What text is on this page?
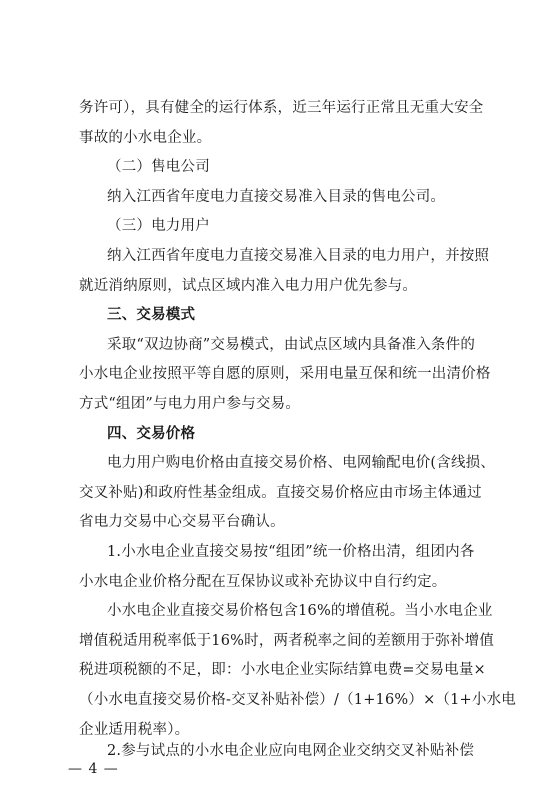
务许可），具有健全的运行体系，近三年运行正常且无重大安全
事故的小水电企业。
（二）售电公司
纳入江西省年度电力直接交易准入目录的售电公司。
（三）电力用户
纳入江西省年度电力直接交易准入目录的电力用户，并按照
就近消纳原则，试点区域内准入电力用户优先参与。
三、交易模式
采取“双边协商”交易模式，由试点区域内具备准入条件的
小水电企业按照平等自愿的原则，采用电量互保和统一出清价格
方式“组团”与电力用户参与交易。
四、交易价格
电力用户购电价格由直接交易价格、电网输配电价(含线损、
交叉补贴)和政府性基金组成。直接交易价格应由市场主体通过
省电力交易中心交易平台确认。
1.小水电企业直接交易按“组团”统一价格出清，组团内各
小水电企业价格分配在互保协议或补充协议中自行约定。
小水电企业直接交易价格包含16%的增值税。当小水电企业
增值税适用税率低于16%时，两者税率之间的差额用于弥补增值
税进项税额的不足，即：小水电企业实际结算电费=交易电量×
（小水电直接交易价格-交叉补贴补偿）/（1+16%）×（1+小水电
企业适用税率）。
2.参与试点的小水电企业应向电网企业交纳交叉补贴补偿
— 4 —
